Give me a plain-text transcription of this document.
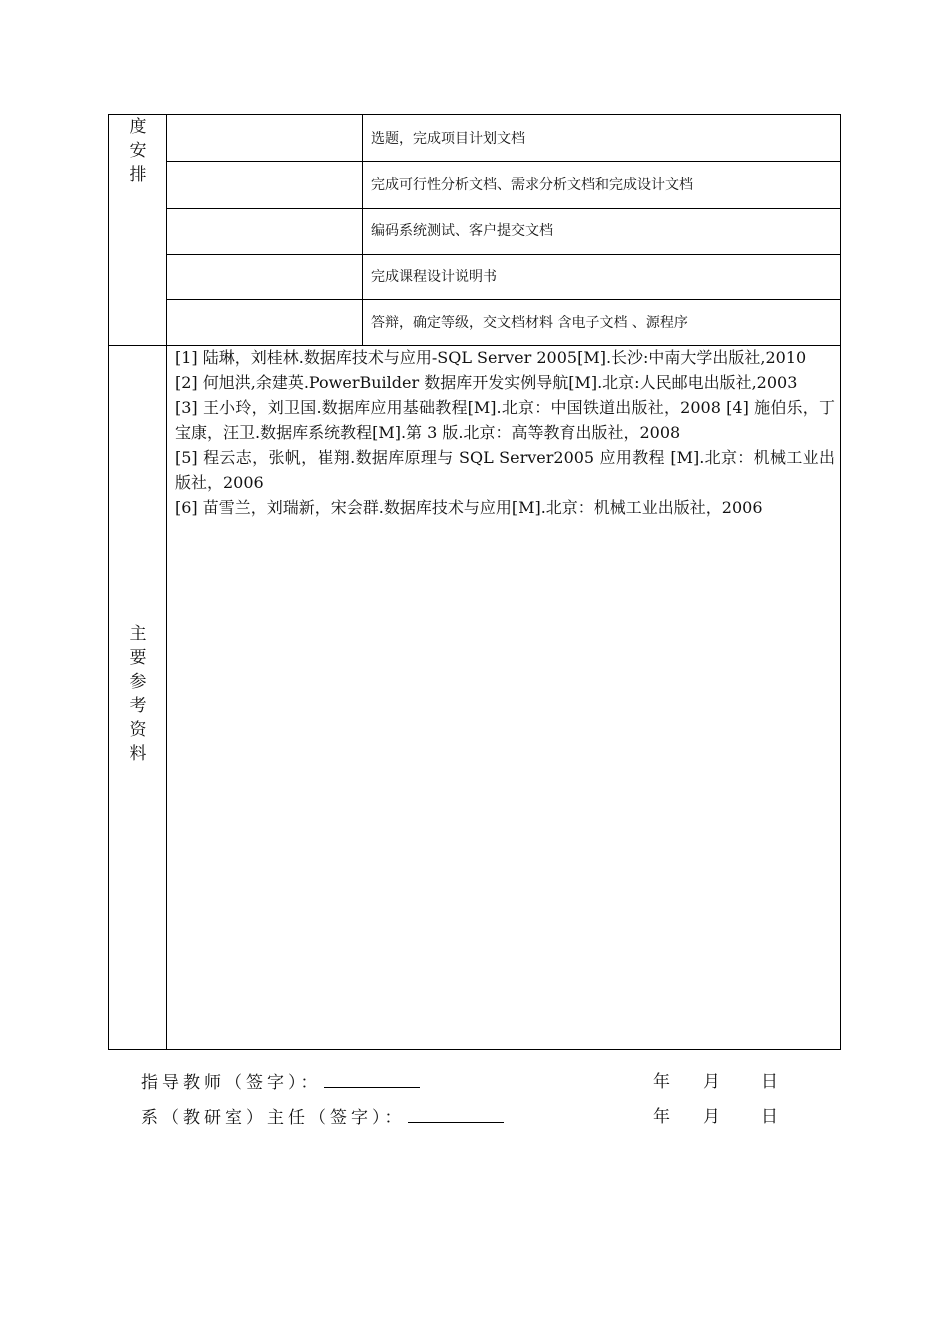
度
安
排
选题，完成项目计划文档
完成可行性分析文档、需求分析文档和完成设计文档
编码系统测试、客户提交文档
完成课程设计说明书
答辩，确定等级，交文档材料 含电子文档 、源程序
主
要
参
考
资
料

[1] 陆琳，刘桂林.数据库技术与应用-SQL Server 2005[M].长沙:中南大学出版社,2010

[2] 何旭洪,余建英.PowerBuilder 数据库开发实例导航[M].北京:人民邮电出版社,2003

[3] 王小玲，刘卫国.数据库应用基础教程[M].北京：中国铁道出版社，2008 [4] 施伯乐，丁宝康，汪卫.数据库系统教程[M].第 3 版.北京：高等教育出版社，2008

[5] 程云志，张帆，崔翔.数据库原理与 SQL Server2005 应用教程 [M].北京：机械工业出版社，2006

[6] 苗雪兰，刘瑞新，宋会群.数据库技术与应用[M].北京：机械工业出版社，2006

指导教师（签字）：	年 月 日
系（教研室）主任（签字）：	年 月 日
